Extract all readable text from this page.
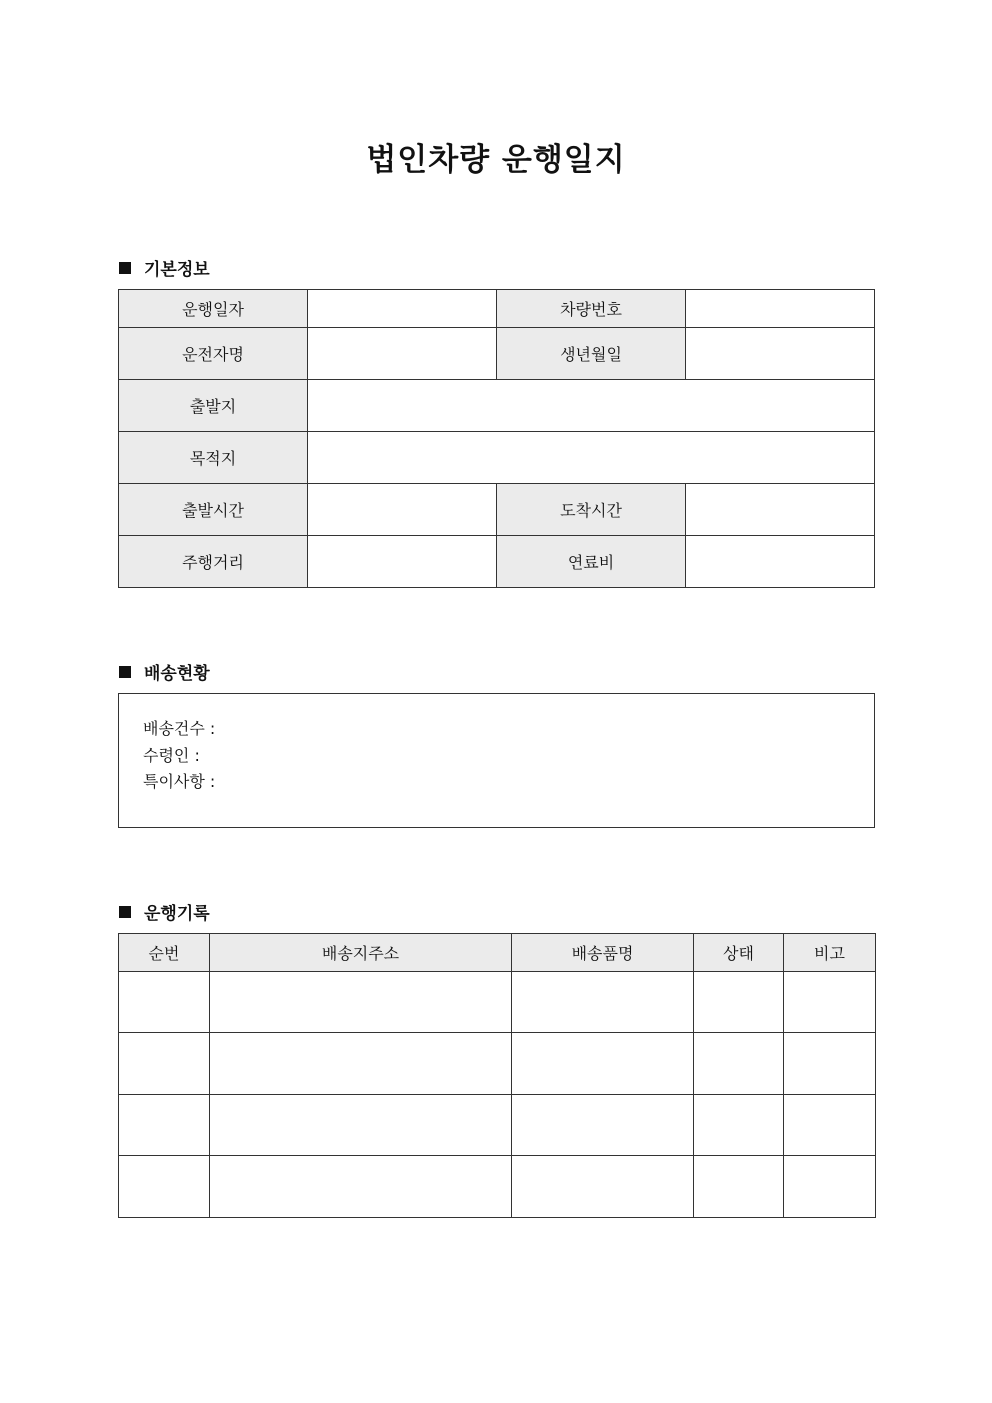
법인차량 운행일지
기본정보
운행일자		차량번호	
운전자명		생년월일	
출발지			
목적지			
출발시간		도착시간	
주행거리		연료비	
배송현황
배송건수 :
수령인 :
특이사항 :
운행기록
순번	배송지주소	배송품명	상태	비고
